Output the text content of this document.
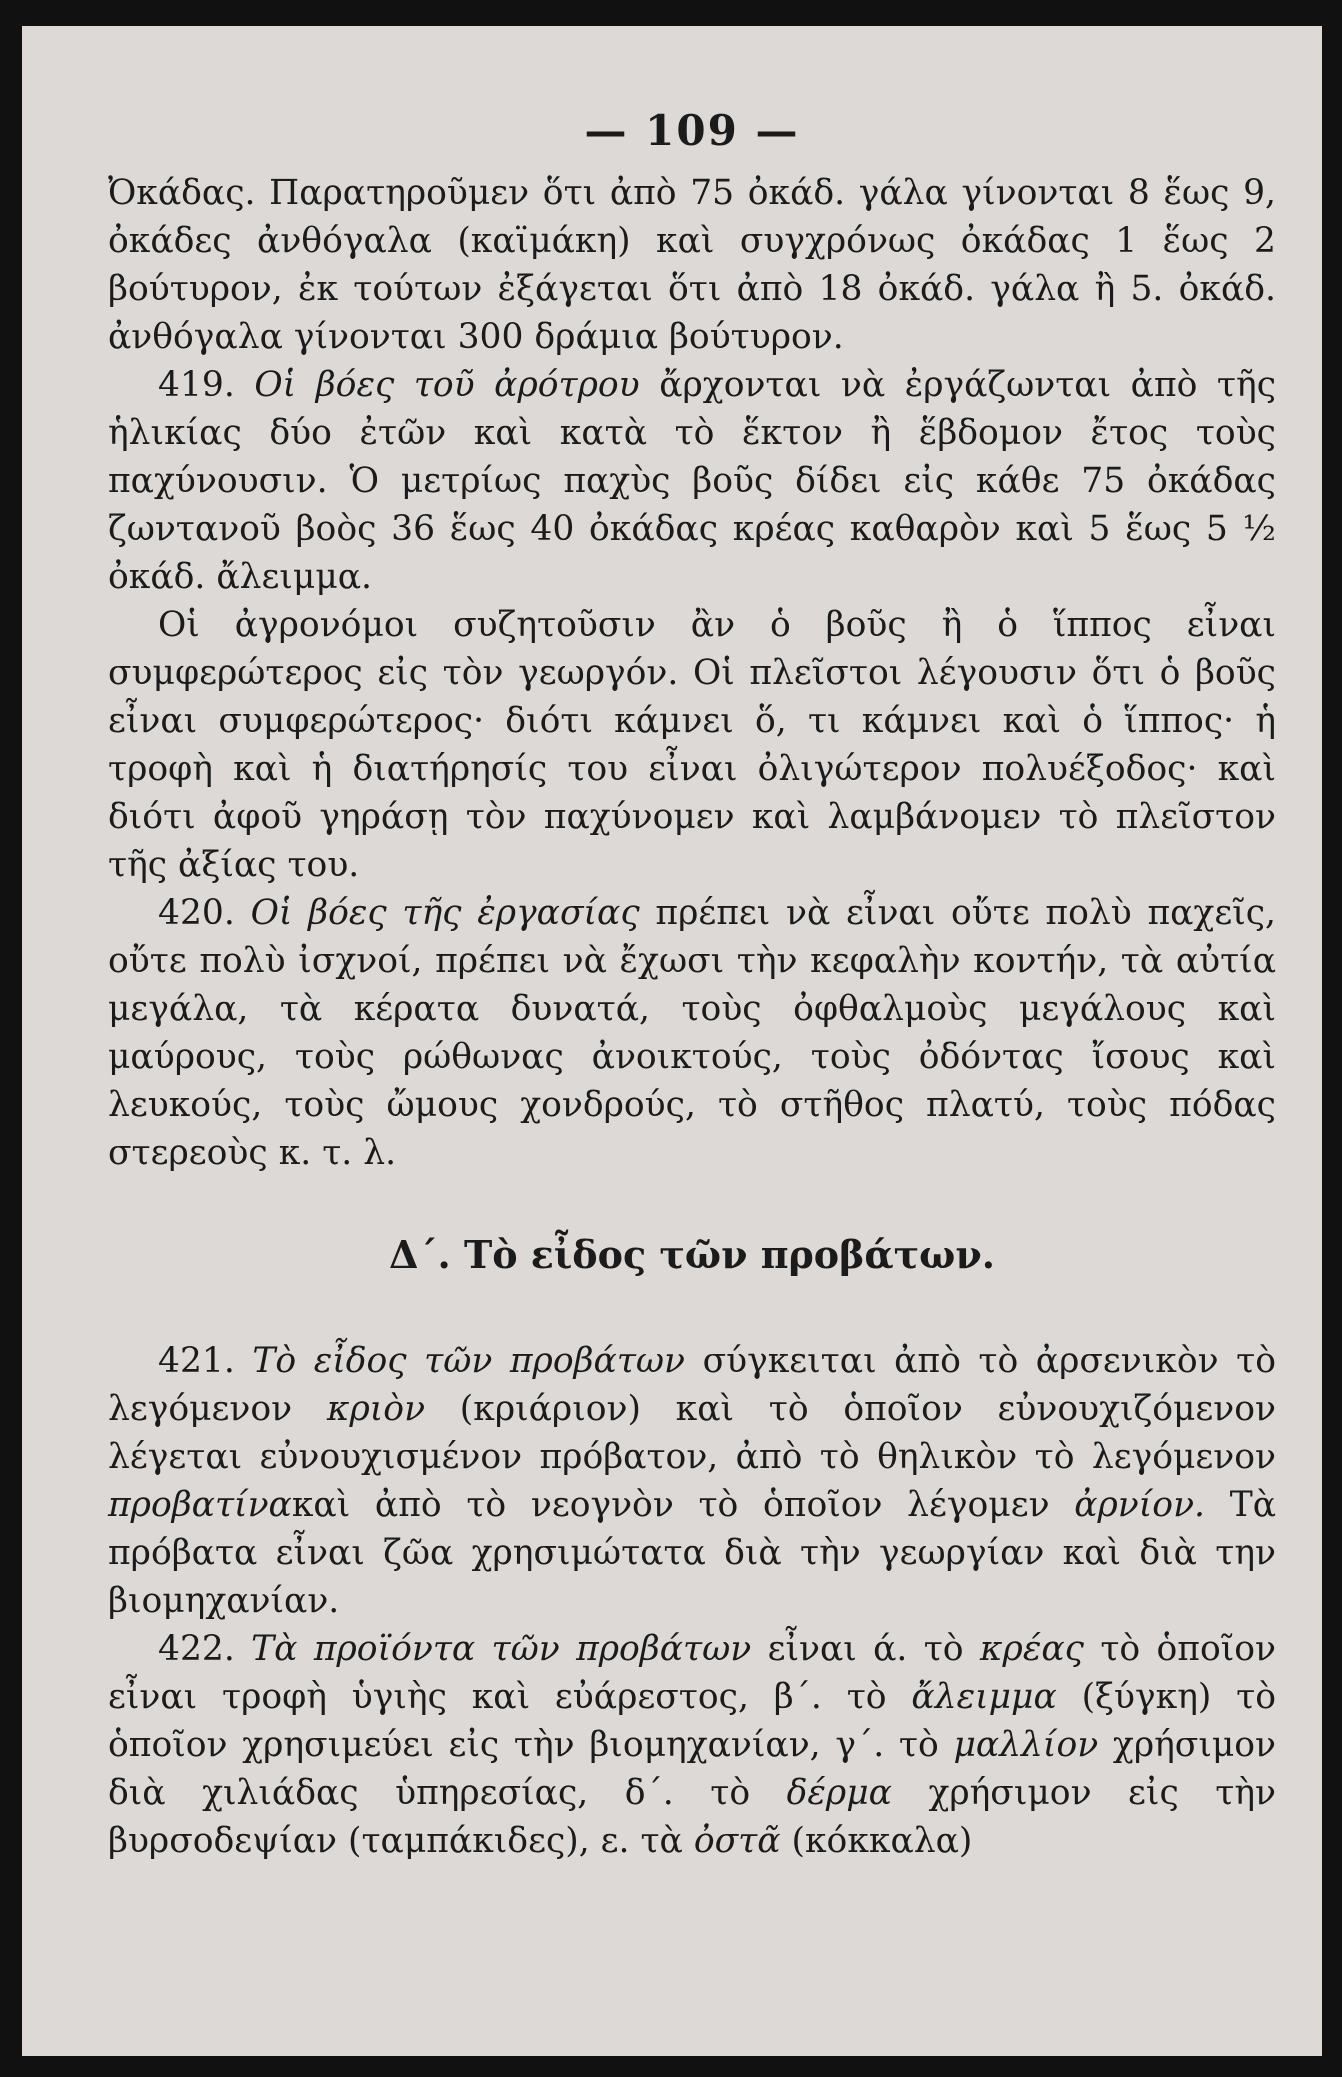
— 109 —

Ὀκάδας. Παρατηροῦμεν ὅτι ἀπὸ 75 ὀκάδ. γάλα γίνονται 8 ἕως 9, ὀκάδες ἀνθόγαλα (καϊμάκη) καὶ συγχρόνως ὀκάδας 1 ἕως 2 βούτυρον, ἐκ τούτων ἐξάγεται ὅτι ἀπὸ 18 ὀκάδ. γάλα ἢ 5. ὀκάδ. ἀνθόγαλα γίνονται 300 δράμια βούτυρον.

419. Οἱ βόες τοῦ ἀρότρου ἄρχονται νὰ ἐργάζωνται ἀπὸ τῆς ἡλικίας δύο ἐτῶν καὶ κατὰ τὸ ἕκτον ἢ ἕβδομον ἔτος τοὺς παχύνουσιν. Ὁ μετρίως παχὺς βοῦς δίδει εἰς κάθε 75 ὀκάδας ζωντανοῦ βοὸς 36 ἕως 40 ὀκάδας κρέας καθαρὸν καὶ 5 ἕως 5 ½ ὀκάδ. ἄλειμμα.

Οἱ ἀγρονόμοι συζητοῦσιν ἂν ὁ βοῦς ἢ ὁ ἵππος εἶναι συμφερώτερος εἰς τὸν γεωργόν. Οἱ πλεῖστοι λέγουσιν ὅτι ὁ βοῦς εἶναι συμφερώτερος· διότι κάμνει ὅ, τι κάμνει καὶ ὁ ἵππος· ἡ τροφὴ καὶ ἡ διατήρησίς του εἶναι ὀλιγώτερον πολυέξοδος· καὶ διότι ἀφοῦ γηράσῃ τὸν παχύνομεν καὶ λαμβάνομεν τὸ πλεῖστον τῆς ἀξίας του.

420. Οἱ βόες τῆς ἐργασίας πρέπει νὰ εἶναι οὔτε πολὺ παχεῖς, οὔτε πολὺ ἰσχνοί, πρέπει νὰ ἔχωσι τὴν κεφαλὴν κοντήν, τὰ αὐτία μεγάλα, τὰ κέρατα δυνατά, τοὺς ὀφθαλμοὺς μεγάλους καὶ μαύρους, τοὺς ρώθωνας ἀνοικτούς, τοὺς ὀδόντας ἴσους καὶ λευκούς, τοὺς ὤμους χονδρούς, τὸ στῆθος πλατύ, τοὺς πόδας στερεοὺς κ. τ. λ.

Δ΄. Τὸ εἶδος τῶν προβάτων.

421. Τὸ εἶδος τῶν προβάτων σύγκειται ἀπὸ τὸ ἀρσενικὸν τὸ λεγόμενον κριὸν (κριάριον) καὶ τὸ ὁποῖον εὐνουχιζόμενον λέγεται εὐνουχισμένον πρόβατον, ἀπὸ τὸ θηλικὸν τὸ λεγόμενον προβατίνακαὶ ἀπὸ τὸ νεογνὸν τὸ ὁποῖον λέγομεν ἀρνίον. Τὰ πρόβατα εἶναι ζῶα χρησιμώτατα διὰ τὴν γεωργίαν καὶ διὰ την βιομηχανίαν.

422. Τὰ προϊόντα τῶν προβάτων εἶναι ά. τὸ κρέας τὸ ὁποῖον εἶναι τροφὴ ὑγιὴς καὶ εὐάρεστος, β΄. τὸ ἄλειμμα (ξύγκη) τὸ ὁποῖον χρησιμεύει εἰς τὴν βιομηχανίαν, γ΄. τὸ μαλλίον χρήσιμον διὰ χιλιάδας ὑπηρεσίας, δ΄. τὸ δέρμα χρήσιμον εἰς τὴν βυρσοδεψίαν (ταμπάκιδες), ε. τὰ ὀστᾶ (κόκκαλα)
